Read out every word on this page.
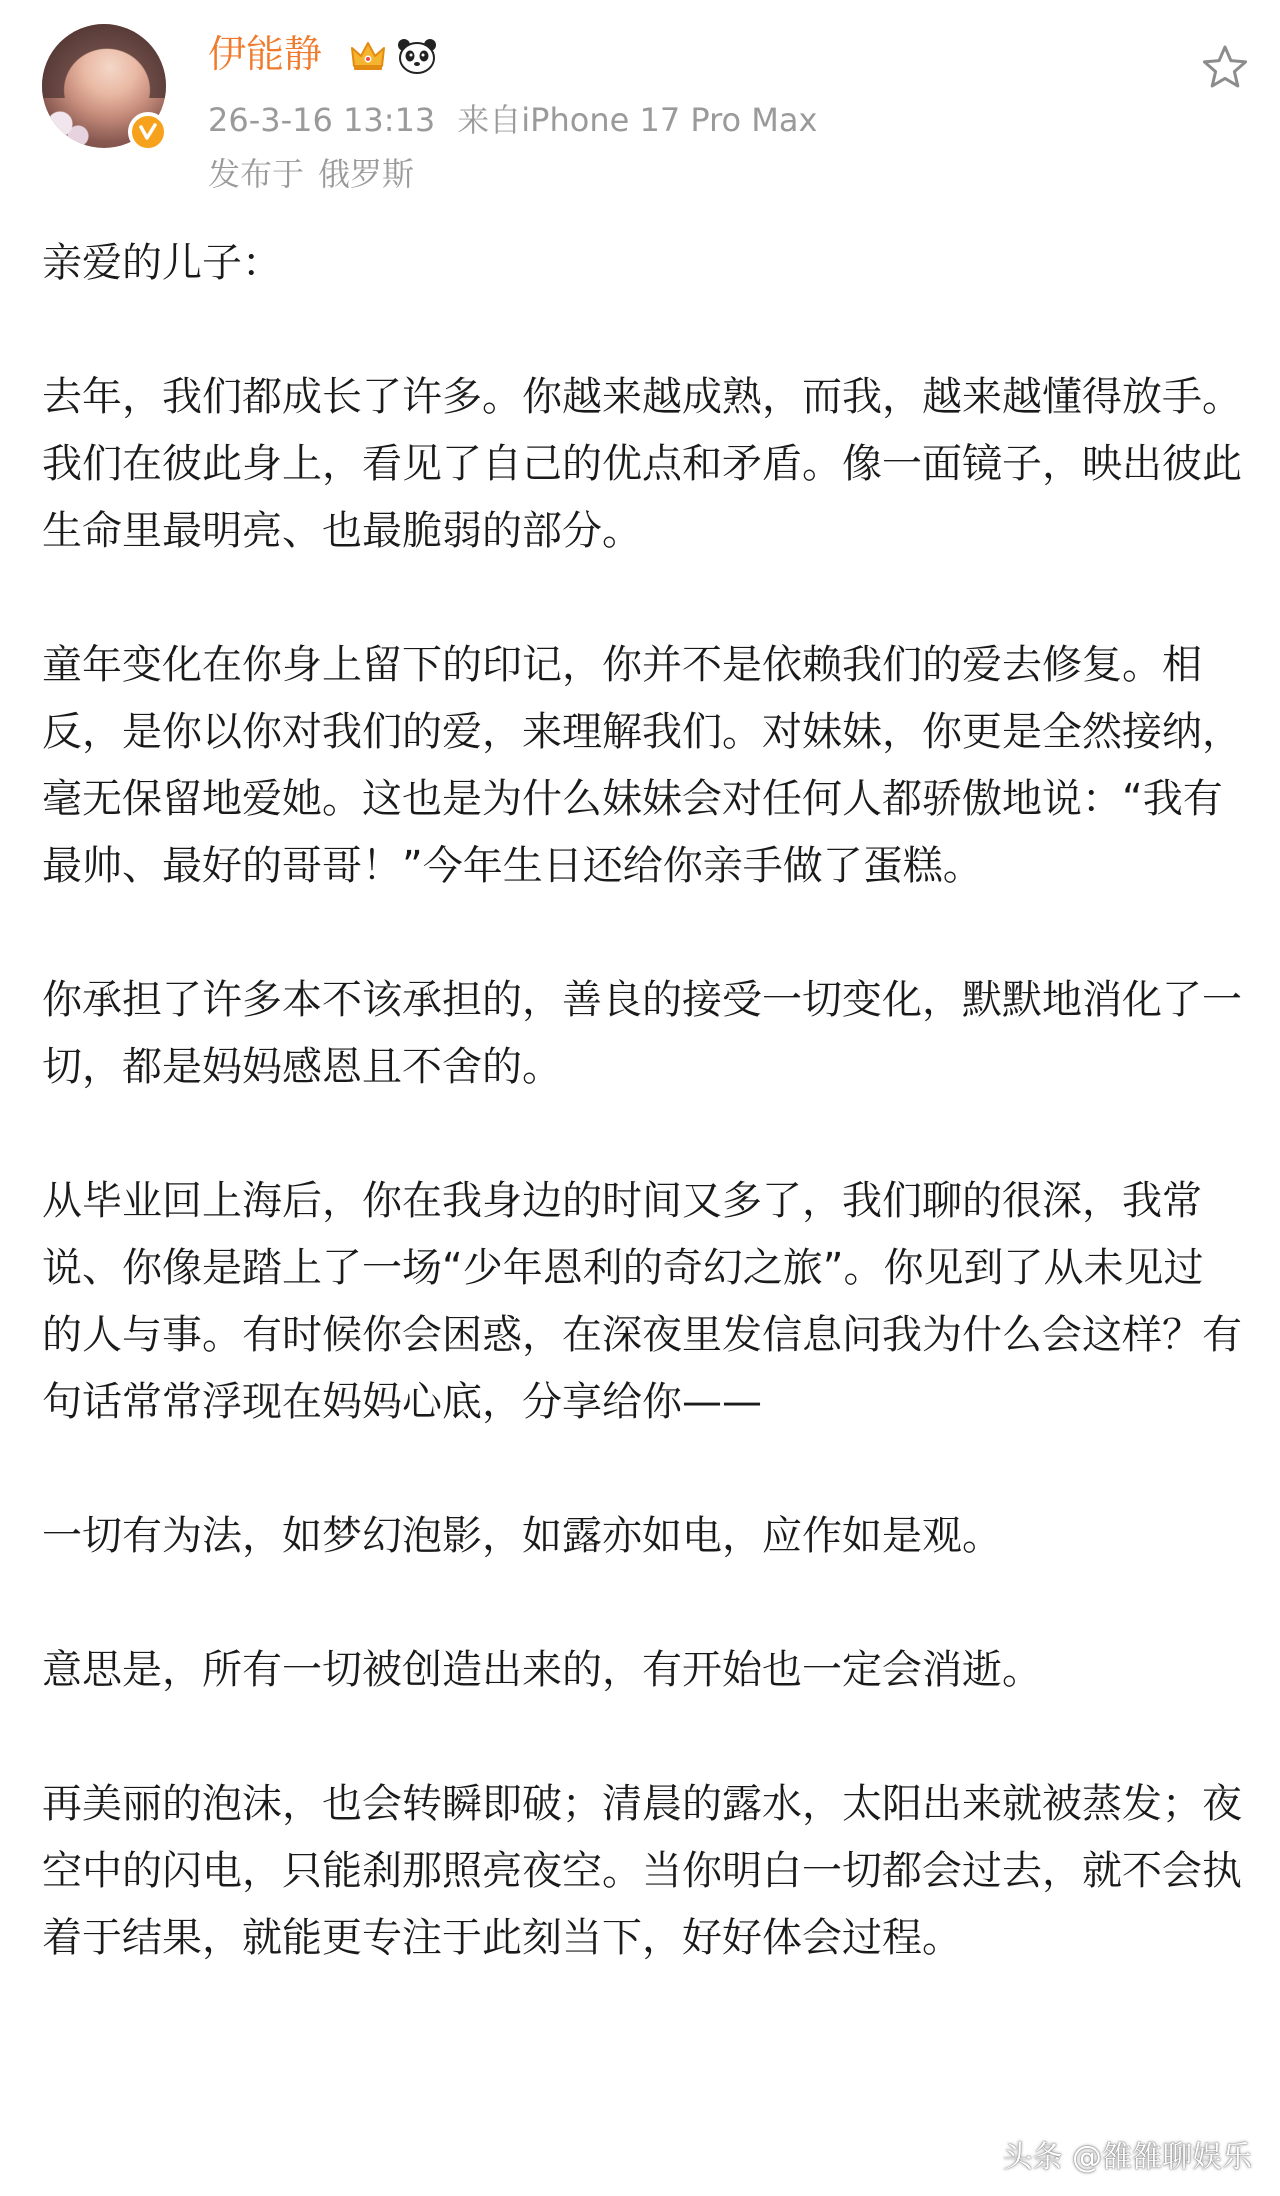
伊能静
26-3-16 13:13 来自iPhone 17 Pro Max
发布于 俄罗斯

亲爱的儿子：

去年，我们都成长了许多。你越来越成熟，而我，越来越懂得放手。我们在彼此身上，看见了自己的优点和矛盾。像一面镜子，映出彼此生命里最明亮、也最脆弱的部分。

童年变化在你身上留下的印记，你并不是依赖我们的爱去修复。相反，是你以你对我们的爱，来理解我们。对妹妹，你更是全然接纳，毫无保留地爱她。这也是为什么妹妹会对任何人都骄傲地说：“我有最帅、最好的哥哥！”今年生日还给你亲手做了蛋糕。

你承担了许多本不该承担的，善良的接受一切变化，默默地消化了一切，都是妈妈感恩且不舍的。

从毕业回上海后，你在我身边的时间又多了，我们聊的很深，我常说、你像是踏上了一场“少年恩利的奇幻之旅”。你见到了从未见过的人与事。有时候你会困惑，在深夜里发信息问我为什么会这样？有句话常常浮现在妈妈心底，分享给你——

一切有为法，如梦幻泡影，如露亦如电，应作如是观。

意思是，所有一切被创造出来的，有开始也一定会消逝。

再美丽的泡沫，也会转瞬即破；清晨的露水，太阳出来就被蒸发；夜空中的闪电，只能刹那照亮夜空。当你明白一切都会过去，就不会执着于结果，就能更专注于此刻当下，好好体会过程。

头条 @雒雒聊娱乐
